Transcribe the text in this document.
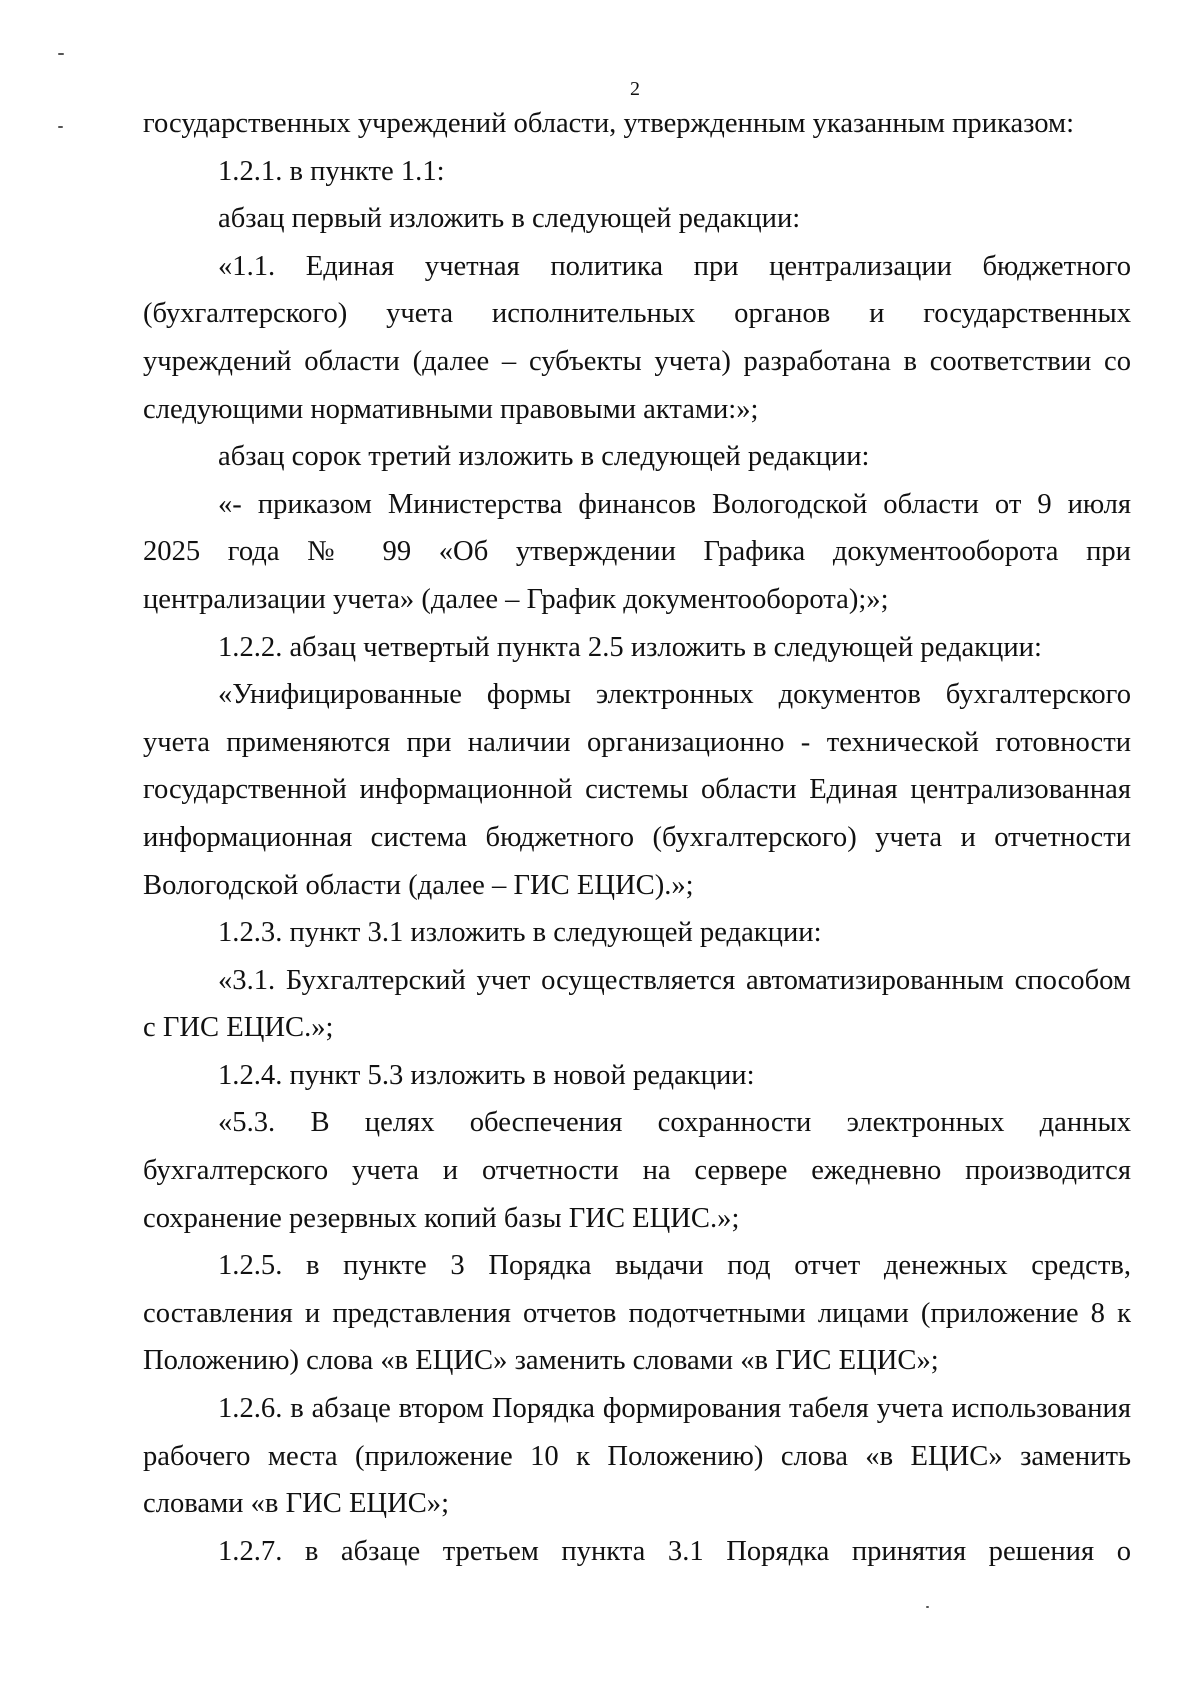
2
государственных учреждений области, утвержденным указанным приказом:
1.2.1. в пункте 1.1:
абзац первый изложить в следующей редакции:
«1.1. Единая учетная политика при централизации бюджетного
(бухгалтерского) учета исполнительных органов и государственных
учреждений области (далее – субъекты учета) разработана в соответствии со
следующими нормативными правовыми актами:»;
абзац сорок третий изложить в следующей редакции:
«- приказом Министерства финансов Вологодской области от 9 июля
2025 года № 99 «Об утверждении Графика документооборота при
централизации учета» (далее – График документооборота);»;
1.2.2. абзац четвертый пункта 2.5 изложить в следующей редакции:
«Унифицированные формы электронных документов бухгалтерского
учета применяются при наличии организационно - технической готовности
государственной информационной системы области Единая централизованная
информационная система бюджетного (бухгалтерского) учета и отчетности
Вологодской области (далее – ГИС ЕЦИС).»;
1.2.3. пункт 3.1 изложить в следующей редакции:
«3.1. Бухгалтерский учет осуществляется автоматизированным способом
с ГИС ЕЦИС.»;
1.2.4. пункт 5.3 изложить в новой редакции:
«5.3. В целях обеспечения сохранности электронных данных
бухгалтерского учета и отчетности на сервере ежедневно производится
сохранение резервных копий базы ГИС ЕЦИС.»;
1.2.5. в пункте 3 Порядка выдачи под отчет денежных средств,
составления и представления отчетов подотчетными лицами (приложение 8 к
Положению) слова «в ЕЦИС» заменить словами «в ГИС ЕЦИС»;
1.2.6. в абзаце втором Порядка формирования табеля учета использования
рабочего места (приложение 10 к Положению) слова «в ЕЦИС» заменить
словами «в ГИС ЕЦИС»;
1.2.7. в абзаце третьем пункта 3.1 Порядка принятия решения о
